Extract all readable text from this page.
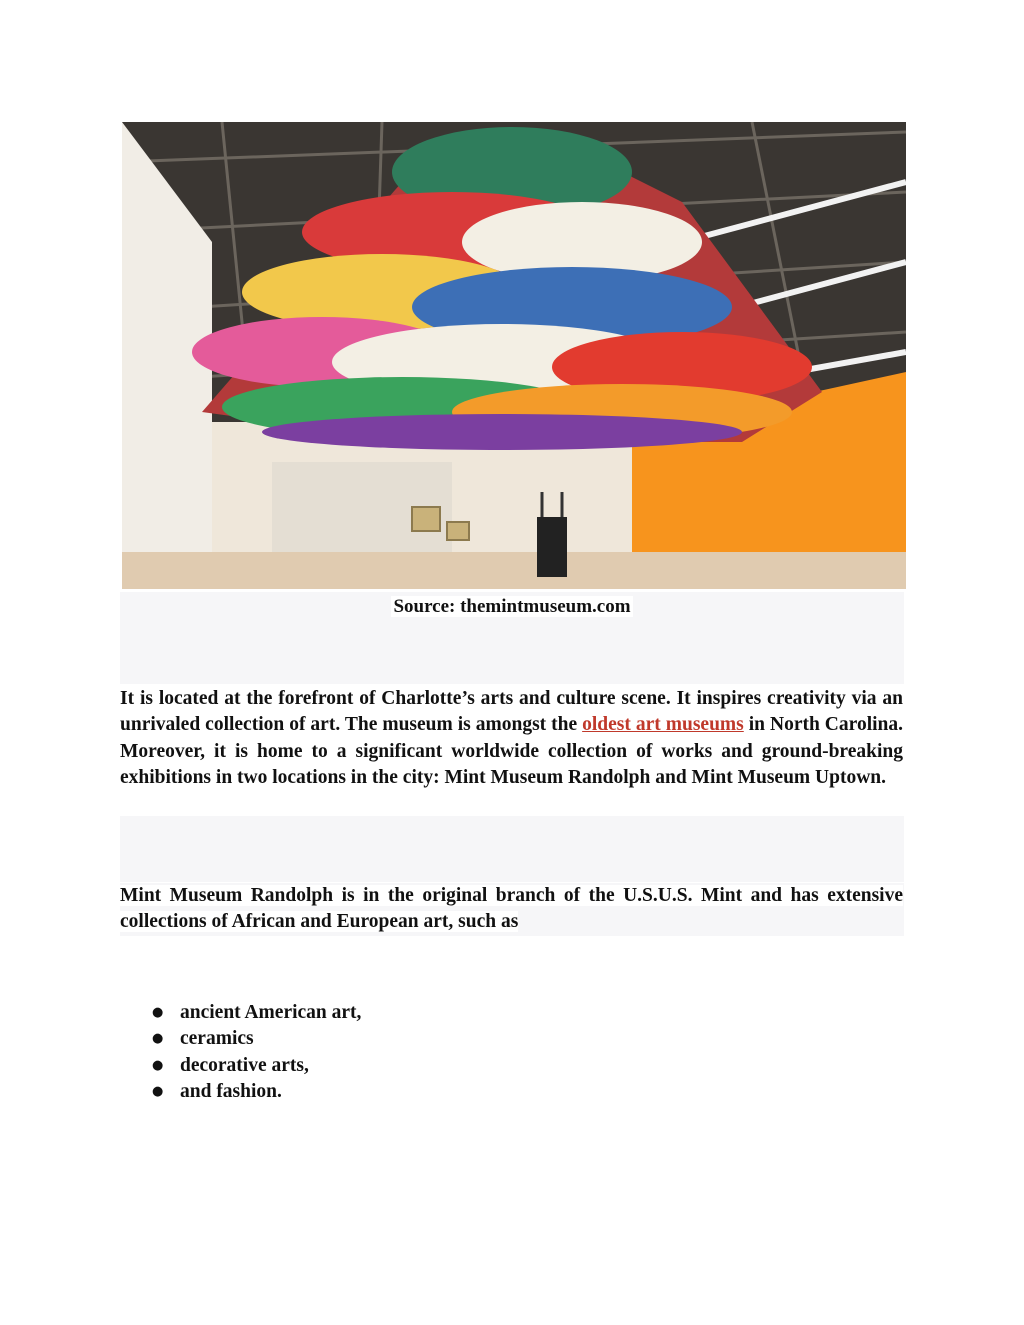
Source: themintmuseum.com

It is located at the forefront of Charlotte’s arts and culture scene. It inspires creativity via an unrivaled collection of art. The museum is amongst the oldest art museums in North Carolina. Moreover, it is home to a significant worldwide collection of works and ground-breaking exhibitions in two locations in the city: Mint Museum Randolph and Mint Museum Uptown.

Mint Museum Randolph is in the original branch of the U.S.U.S. Mint and has extensive collections of African and European art, such as

● ancient American art,
● ceramics
● decorative arts,
● and fashion.
